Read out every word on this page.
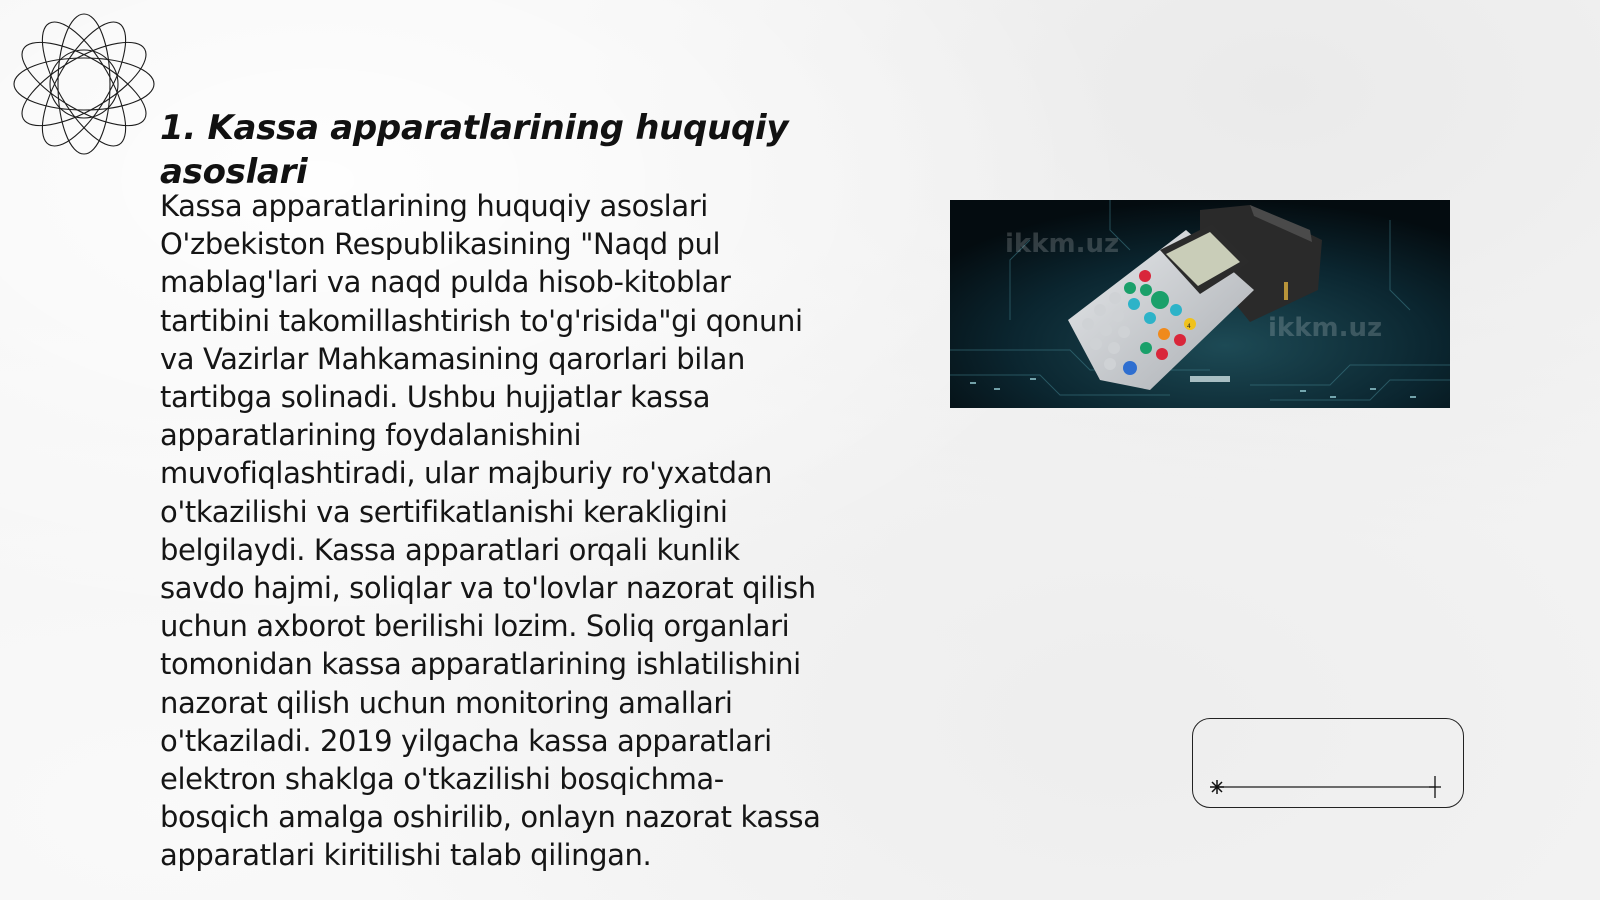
1. Kassa apparatlarining huquqiy asoslari

Kassa apparatlarining huquqiy asoslari O'zbekiston Respublikasining "Naqd pul mablag'lari va naqd pulda hisob-kitoblar tartibini takomillashtirish to'g'risida"gi qonuni va Vazirlar Mahkamasining qarorlari bilan tartibga solinadi. Ushbu hujjatlar kassa apparatlarining foydalanishini muvofiqlashtiradi, ular majburiy ro'yxatdan o'tkazilishi va sertifikatlanishi kerakligini belgilaydi. Kassa apparatlari orqali kunlik savdo hajmi, soliqlar va to'lovlar nazorat qilish uchun axborot berilishi lozim. Soliq organlari tomonidan kassa apparatlarining ishlatilishini nazorat qilish uchun monitoring amallari o'tkaziladi. 2019 yilgacha kassa apparatlari elektron shaklga o'tkazilishi bosqichma-bosqich amalga oshirilib, onlayn nazorat kassa apparatlari kiritilishi talab qilingan.

ikkm.uz
ikkm.uz
4
